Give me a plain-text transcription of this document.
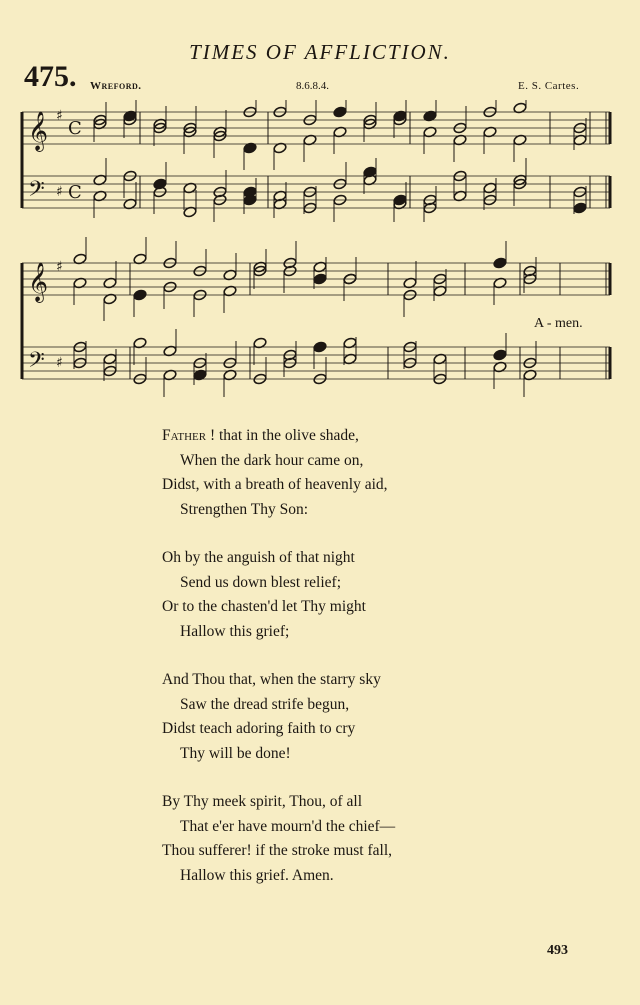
TIMES OF AFFLICTION.
475. Wreford.	8.6.8.4.	E. S. Cartes.
𝄞 ♯
C
𝄢 ♯ C
𝄞 ♯
𝄢 ♯
A - men.
Father ! that in the olive shade,
When the dark hour came on,
Didst, with a breath of heavenly aid,
Strengthen Thy Son:
Oh by the anguish of that night
Send us down blest relief;
Or to the chasten'd let Thy might
Hallow this grief;
And Thou that, when the starry sky
Saw the dread strife begun,
Didst teach adoring faith to cry
Thy will be done!
By Thy meek spirit, Thou, of all
That e'er have mourn'd the chief—
Thou sufferer! if the stroke must fall,
Hallow this grief. Amen.
493
